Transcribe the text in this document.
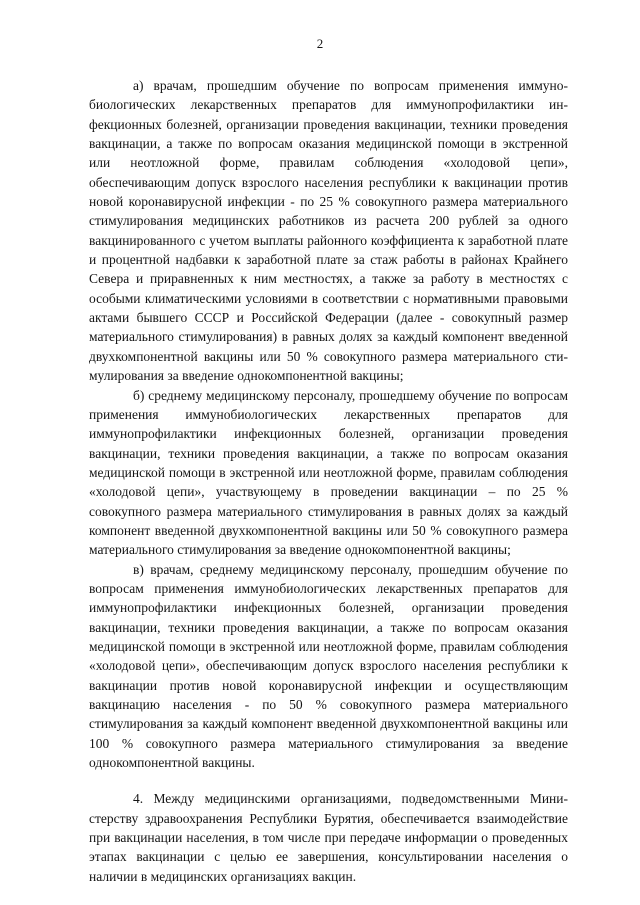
2

а) врачам, прошедшим обучение по вопросам применения иммунобиологических лекарственных препаратов для иммунопрофилактики инфекционных болезней, организации проведения вакцинации, техники проведения вакцинации, а также по вопросам оказания медицинской помощи в экстренной или неотложной форме, правилам соблюдения «холодовой цепи», обеспечивающим допуск взрослого населения республики к вакцинации против новой коронавирусной инфекции - по 25 % совокупного размера материального стимулирования медицинских работников из расчета 200 рублей за одного вакцинированного с учетом выплаты районного коэффициента к заработной плате и процентной надбавки к заработной плате за стаж работы в районах Крайнего Севера и приравненных к ним местностях, а также за работу в местностях с особыми климатическими условиями в соответствии с нормативными правовыми актами бывшего СССР и Российской Федерации (далее - совокупный размер материального стимулирования) в равных долях за каждый компонент введенной двухкомпонентной вакцины или 50 % совокупного размера материального стимулирования за введение однокомпонентной вакцины;

б) среднему медицинскому персоналу, прошедшему обучение по вопросам применения иммунобиологических лекарственных препаратов для иммунопрофилактики инфекционных болезней, организации проведения вакцинации, техники проведения вакцинации, а также по вопросам оказания медицинской помощи в экстренной или неотложной форме, правилам соблюдения «холодовой цепи», участвующему в проведении вакцинации – по 25 % совокупного размера материального стимулирования в равных долях за каждый компонент введенной двухкомпонентной вакцины или 50 % совокупного размера материального стимулирования за введение однокомпонентной вакцины;

в) врачам, среднему медицинскому персоналу, прошедшим обучение по вопросам применения иммунобиологических лекарственных препаратов для иммунопрофилактики инфекционных болезней, организации проведения вакцинации, техники проведения вакцинации, а также по вопросам оказания медицинской помощи в экстренной или неотложной форме, правилам соблюдения «холодовой цепи», обеспечивающим допуск взрослого населения республики к вакцинации против новой коронавирусной инфекции и осуществляющим вакцинацию населения - по 50 % совокупного размера материального стимулирования за каждый компонент введенной двухкомпонентной вакцины или 100 % совокупного размера материального стимулирования за введение однокомпонентной вакцины.

4. Между медицинскими организациями, подведомственными Министерству здравоохранения Республики Бурятия, обеспечивается взаимодействие при вакцинации населения, в том числе при передаче информации о проведенных этапах вакцинации с целью ее завершения, консультировании населения о наличии в медицинских организациях вакцин.
